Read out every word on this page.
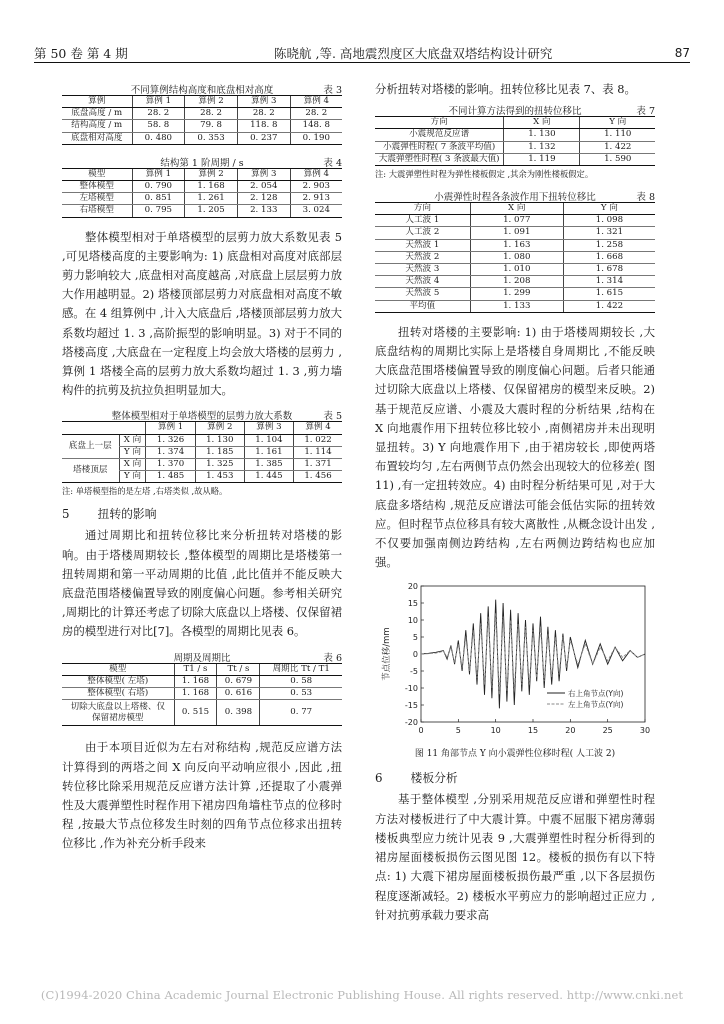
第 50 卷 第 4 期	陈晓航 ,等. 高地震烈度区大底盘双塔结构设计研究	87
不同算例结构高度和底盘相对高度	表 3
算例	算例 1	算例 2	算例 3	算例 4
底盘高度 / m	28. 2	28. 2	28. 2	28. 2
结构高度 / m	58. 8	79. 8	118. 8	148. 8
底盘相对高度	0. 480	0. 353	0. 237	0. 190
结构第 1 阶周期 / s	表 4
模型	算例 1	算例 2	算例 3	算例 4
整体模型	0. 790	1. 168	2. 054	2. 903
左塔模型	0. 851	1. 261	2. 128	2. 913
右塔模型	0. 795	1. 205	2. 133	3. 024

整体模型相对于单塔模型的层剪力放大系数见表 5 ,可见塔楼高度的主要影响为: 1) 底盘相对高度对底部层剪力影响较大 ,底盘相对高度越高 ,对底盘上层层剪力放大作用越明显。2) 塔楼顶部层剪力对底盘相对高度不敏感。在 4 组算例中 ,计入大底盘后 ,塔楼顶部层剪力放大系数均超过 1. 3 ,高阶振型的影响明显。3) 对于不同的塔楼高度 ,大底盘在一定程度上均会放大塔楼的层剪力 ,算例 1 塔楼全高的层剪力放大系数均超过 1. 3 ,剪力墙构件的抗剪及抗拉负担明显加大。

整体模型相对于单塔模型的层剪力放大系数	表 5
		算例 1	算例 2	算例 3	算例 4
底盘上一层	X 向	1. 326	1. 130	1. 104	1. 022
	Y 向	1. 374	1. 185	1. 161	1. 114
塔楼顶层	X 向	1. 370	1. 325	1. 385	1. 371
	Y 向	1. 485	1. 453	1. 445	1. 456
注: 单塔模型指的是左塔 ,右塔类似 ,故从略。
5 扭转的影响

通过周期比和扭转位移比来分析扭转对塔楼的影响。由于塔楼周期较长 ,整体模型的周期比是塔楼第一扭转周期和第一平动周期的比值 ,此比值并不能反映大底盘范围塔楼偏置导致的刚度偏心问题。参考相关研究 ,周期比的计算还考虑了切除大底盘以上塔楼、仅保留裙房的模型进行对比[7]。各模型的周期比见表 6。

周期及周期比	表 6
模型	T1 / s	Tt / s	周期比 Tt / T1
整体模型( 左塔)	1. 168	0. 679	0. 58
整体模型( 右塔)	1. 168	0. 616	0. 53
切除大底盘以上塔楼、仅保留裙房模型	0. 515	0. 398	0. 77

由于本项目近似为左右对称结构 ,规范反应谱方法计算得到的两塔之间 X 向反向平动响应很小 ,因此 ,扭转位移比除采用规范反应谱方法计算 ,还提取了小震弹性及大震弹塑性时程作用下裙房四角墙柱节点的位移时程 ,按最大节点位移发生时刻的四角节点位移求出扭转位移比 ,作为补充分析手段来

分析扭转对塔楼的影响。扭转位移比见表 7、表 8。

不同计算方法得到的扭转位移比	表 7
方向	X 向	Y 向
小震规范反应谱	1. 130	1. 110
小震弹性时程( 7 条波平均值)	1. 132	1. 422
大震弹塑性时程( 3 条波最大值)	1. 119	1. 590
注: 大震弹塑性时程为弹性楼板假定 ,其余为刚性楼板假定。
小震弹性时程各条波作用下扭转位移比	表 8
方向	X 向	Y 向
人工波 1	1. 077	1. 098
人工波 2	1. 091	1. 321
天然波 1	1. 163	1. 258
天然波 2	1. 080	1. 668
天然波 3	1. 010	1. 678
天然波 4	1. 208	1. 314
天然波 5	1. 299	1. 615
平均值	1. 133	1. 422

扭转对塔楼的主要影响: 1) 由于塔楼周期较长 ,大底盘结构的周期比实际上是塔楼自身周期比 ,不能反映大底盘范围塔楼偏置导致的刚度偏心问题。后者只能通过切除大底盘以上塔楼、仅保留裙房的模型来反映。2) 基于规范反应谱、小震及大震时程的分析结果 ,结构在 X 向地震作用下扭转位移比较小 ,南侧裙房并未出现明显扭转。3) Y 向地震作用下 ,由于裙房较长 ,即使两塔布置较均匀 ,左右两侧节点仍然会出现较大的位移差( 图 11) ,有一定扭转效应。4) 由时程分析结果可见 ,对于大底盘多塔结构 ,规范反应谱法可能会低估实际的扭转效应。但时程节点位移具有较大离散性 ,从概念设计出发 ,不仅要加强南侧边跨结构 ,左右两侧边跨结构也应加强。

20
15
10
5
0
-5
-10
-15
-20
0	5	10	15	20	25	30
节点位移/mm
右上角节点(Y向)
左上角节点(Y向)
图 11 角部节点 Y 向小震弹性位移时程( 人工波 2)
6 楼板分析

基于整体模型 ,分别采用规范反应谱和弹塑性时程方法对楼板进行了中大震计算。中震不屈服下裙房薄弱楼板典型应力统计见表 9 ,大震弹塑性时程分析得到的裙房屋面楼板损伤云图见图 12。楼板的损伤有以下特点: 1) 大震下裙房屋面楼板损伤最严重 ,以下各层损伤程度逐渐减轻。2) 楼板水平剪应力的影响超过正应力 ,针对抗剪承载力要求高

(C)1994-2020 China Academic Journal Electronic Publishing House. All rights reserved. http://www.cnki.net
